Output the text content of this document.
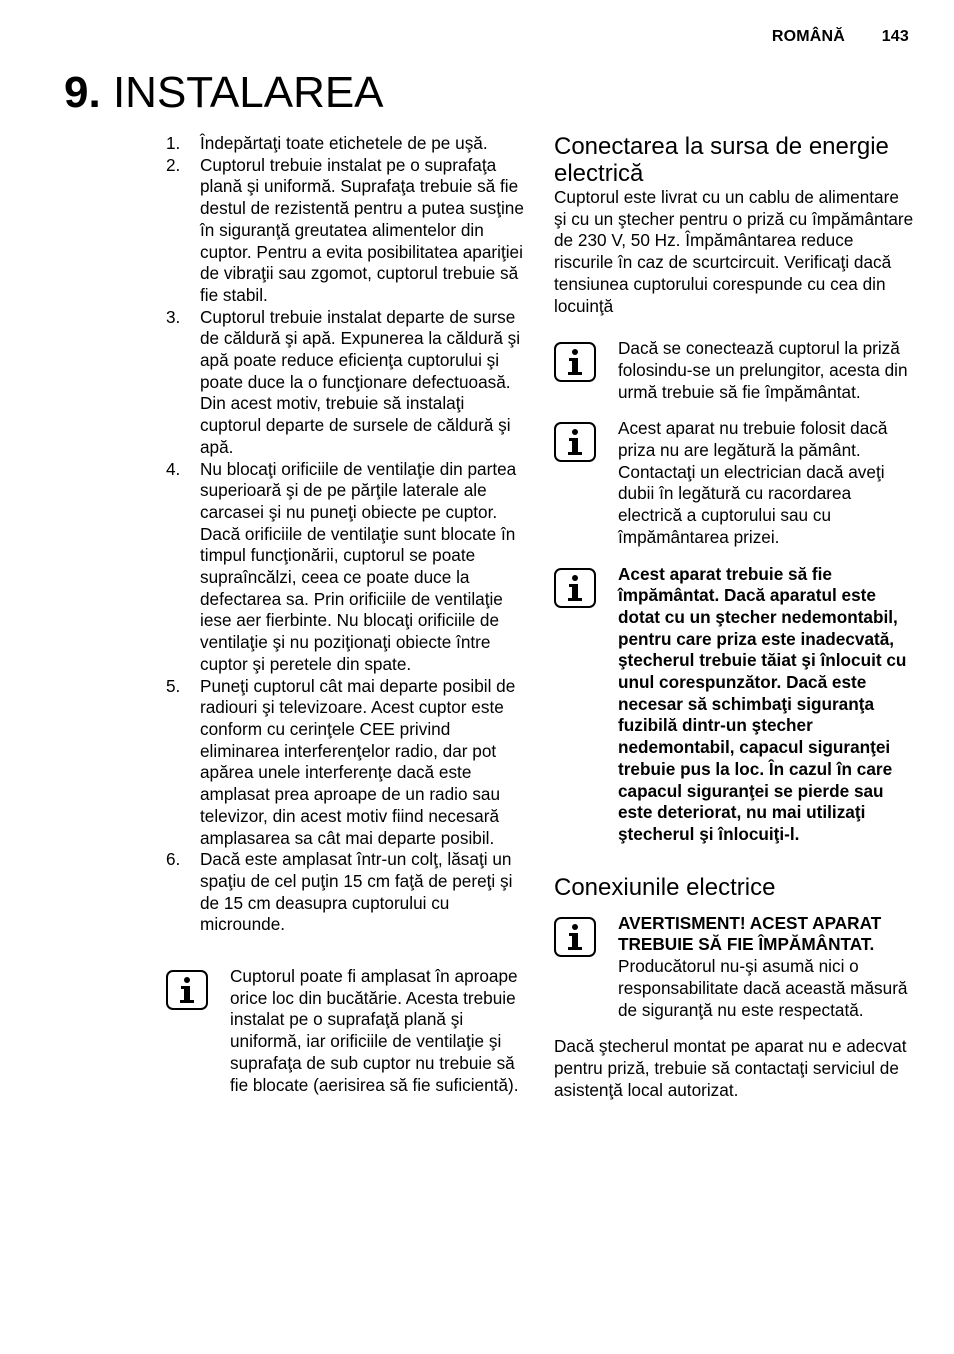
ROMÂNĂ 143
9. INSTALAREA
1. Îndepărtaţi toate etichetele de pe uşă.
2. Cuptorul trebuie instalat pe o suprafaţa plană şi uniformă. Suprafaţa trebuie să fie destul de rezistentă pentru a putea susţine în siguranţă greutatea alimentelor din cuptor. Pentru a evita posibilitatea apariţiei de vibraţii sau zgomot, cuptorul trebuie să fie stabil.
3. Cuptorul trebuie instalat departe de surse de căldură şi apă. Expunerea la căldură şi apă poate reduce eficienţa cuptorului şi poate duce la o funcţionare defectuoasă. Din acest motiv, trebuie să instalaţi cuptorul departe de sursele de căldură şi apă.
4. Nu blocaţi orificiile de ventilaţie din partea superioară şi de pe părţile laterale ale carcasei şi nu puneţi obiecte pe cuptor. Dacă orificiile de ventilaţie sunt blocate în timpul funcţionării, cuptorul se poate supraîncălzi, ceea ce poate duce la defectarea sa. Prin orificiile de ventilaţie iese aer fierbinte. Nu blocaţi orificiile de ventilaţie şi nu poziţionaţi obiecte între cuptor şi peretele din spate.
5. Puneţi cuptorul cât mai departe posibil de radiouri şi televizoare. Acest cuptor este conform cu cerinţele CEE privind eliminarea interferenţelor radio, dar pot apărea unele interferenţe dacă este amplasat prea aproape de un radio sau televizor, din acest motiv fiind necesară amplasarea sa cât mai departe posibil.
6. Dacă este amplasat într-un colţ, lăsaţi un spaţiu de cel puţin 15 cm faţă de pereţi şi de 15 cm deasupra cuptorului cu microunde.

Cuptorul poate fi amplasat în aproape orice loc din bucătărie. Acesta trebuie instalat pe o suprafaţă plană şi uniformă, iar orificiile de ventilaţie şi suprafaţa de sub cuptor nu trebuie să fie blocate (aerisirea să fie suficientă).

Conectarea la sursa de energie electrică

Cuptorul este livrat cu un cablu de alimentare şi cu un ştecher pentru o priză cu împământare de 230 V, 50 Hz. Împământarea reduce riscurile în caz de scurtcircuit. Verificaţi dacă tensiunea cuptorului corespunde cu cea din locuinţă

Dacă se conectează cuptorul la priză folosindu-se un prelungitor, acesta din urmă trebuie să fie împământat.

Acest aparat nu trebuie folosit dacă priza nu are legătură la pământ.

Contactaţi un electrician dacă aveţi dubii în legătură cu racordarea electrică a cuptorului sau cu împământarea prizei.

Acest aparat trebuie să fie împământat. Dacă aparatul este dotat cu un ştecher nedemontabil, pentru care priza este inadecvată, ştecherul trebuie tăiat şi înlocuit cu unul corespunzător. Dacă este necesar să schimbaţi siguranţa fuzibilă dintr-un ştecher nedemontabil, capacul siguranţei trebuie pus la loc. În cazul în care capacul siguranţei se pierde sau este deteriorat, nu mai utilizaţi ştecherul şi înlocuiţi-l.

Conexiunile electrice

AVERTISMENT! ACEST APARAT TREBUIE SĂ FIE ÎMPĂMÂNTAT.

Producătorul nu-şi asumă nici o responsabilitate dacă această măsură de siguranţă nu este respectată.

Dacă ştecherul montat pe aparat nu e adecvat pentru priză, trebuie să contactaţi serviciul de asistenţă local autorizat.
